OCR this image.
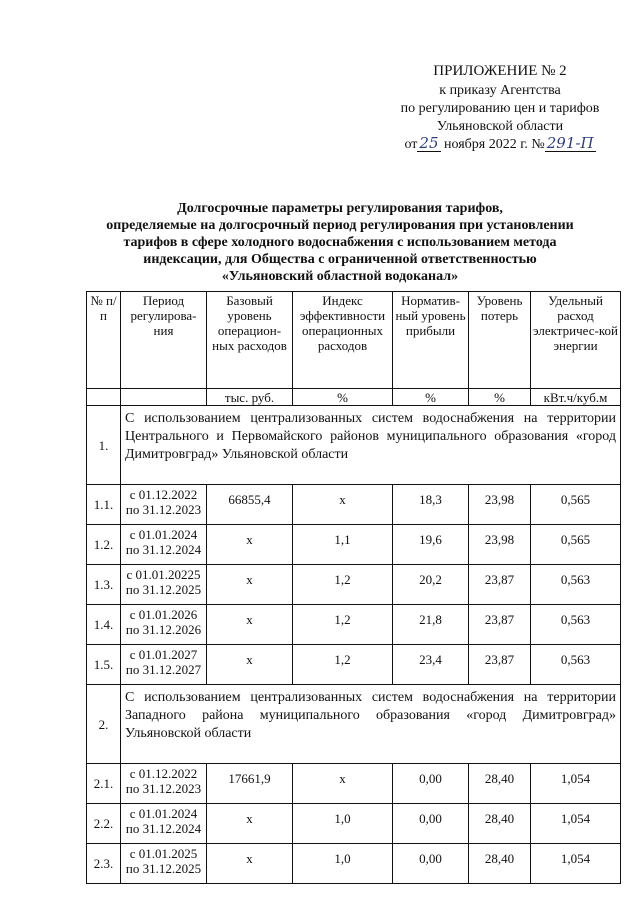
ПРИЛОЖЕНИЕ № 2
к приказу Агентства
по регулированию цен и тарифов
Ульяновской области
от 25 ноября 2022 г. № 291-П
Долгосрочные параметры регулирования тарифов,
определяемые на долгосрочный период регулирования при установлении
тарифов в сфере холодного водоснабжения с использованием метода
индексации, для Общества с ограниченной ответственностью
«Ульяновский областной водоканал»
№ п/п	Период регулирова-ния	Базовый уровень операцион-ных расходов	Индекс эффективности операционных расходов	Норматив-ный уровень прибыли	Уровень потерь	Удельный расход электричес-кой энергии
		тыс. руб.	%	%	%	кВт.ч/куб.м
1.	С использованием централизованных систем водоснабжения на территории Центрального и Первомайского районов муниципального образования «город Димитровград» Ульяновской области					
1.1.	с 01.12.2022 по 31.12.2023	66855,4	х	18,3	23,98	0,565
1.2.	с 01.01.2024 по 31.12.2024	х	1,1	19,6	23,98	0,565
1.3.	с 01.01.20225 по 31.12.2025	х	1,2	20,2	23,87	0,563
1.4.	с 01.01.2026 по 31.12.2026	х	1,2	21,8	23,87	0,563
1.5.	с 01.01.2027 по 31.12.2027	х	1,2	23,4	23,87	0,563
2.	С использованием централизованных систем водоснабжения на территории Западного района муниципального образования «город Димитровград» Ульяновской области					
2.1.	с 01.12.2022 по 31.12.2023	17661,9	х	0,00	28,40	1,054
2.2.	с 01.01.2024 по 31.12.2024	х	1,0	0,00	28,40	1,054
2.3.	с 01.01.2025 по 31.12.2025	х	1,0	0,00	28,40	1,054
